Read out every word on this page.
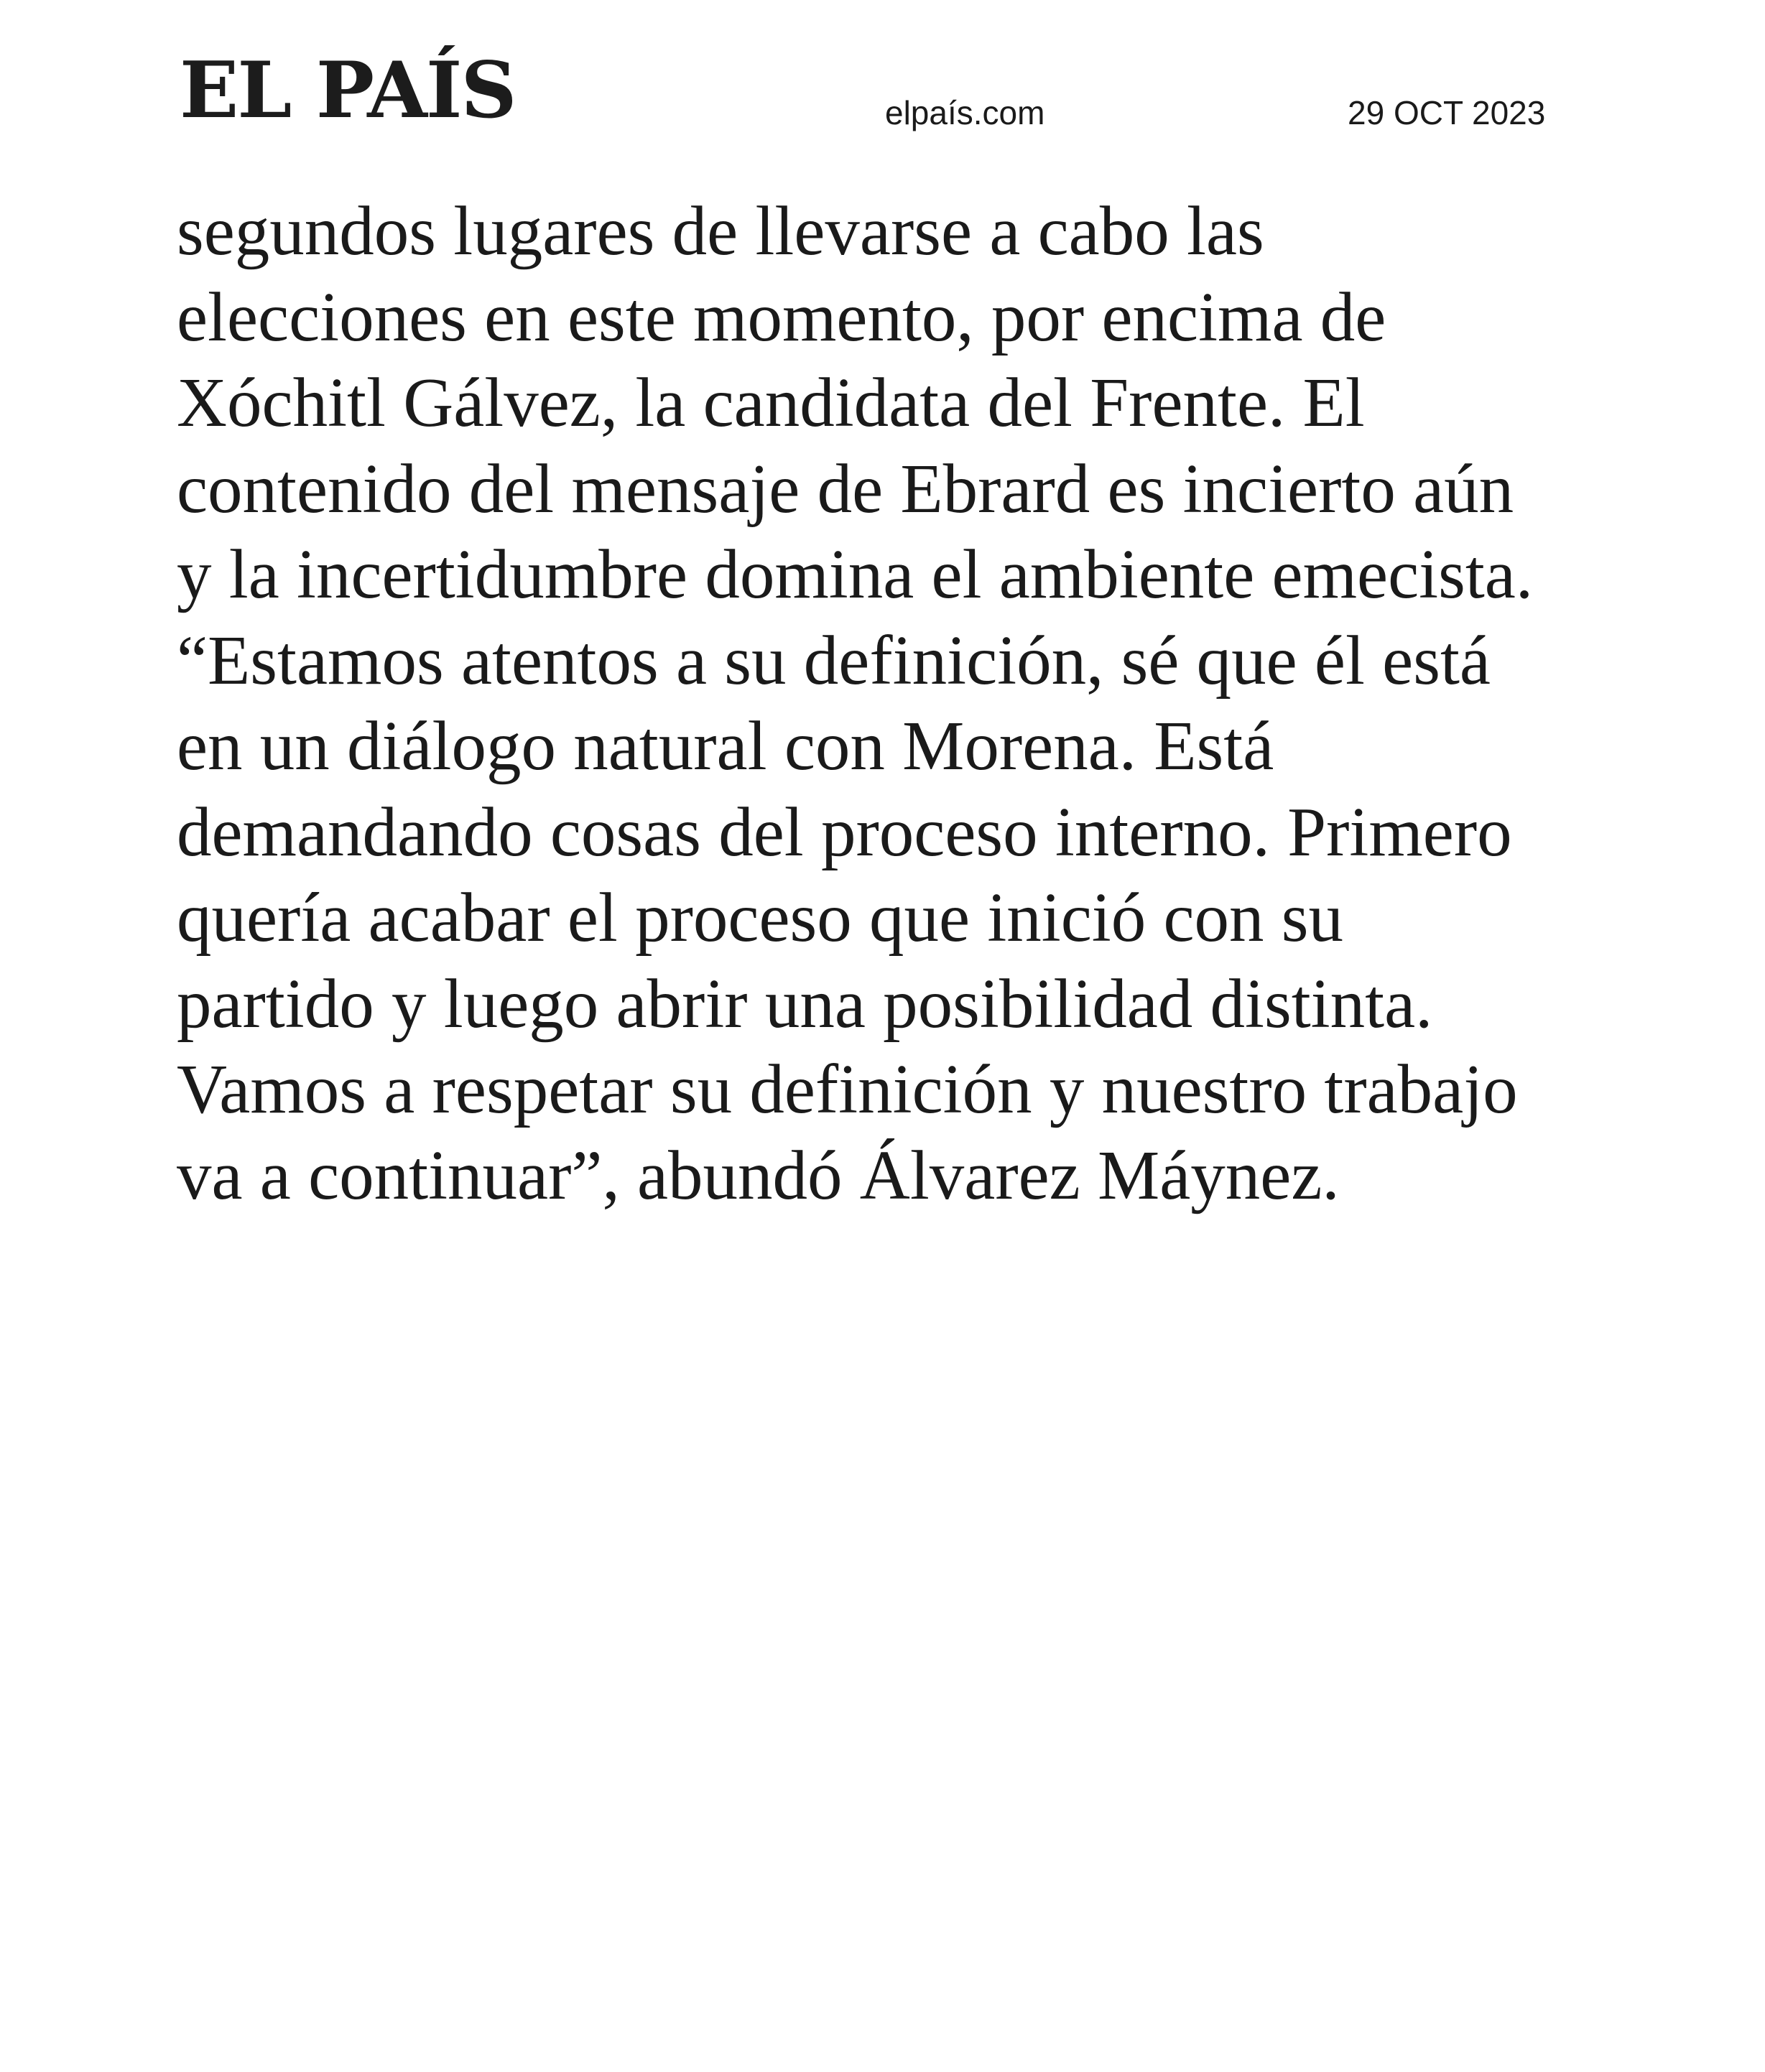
EL PAÍS	elpaís.com	29 OCT 2023

segundos lugares de llevarse a cabo las
elecciones en este momento, por encima de
Xóchitl Gálvez, la candidata del Frente. El
contenido del mensaje de Ebrard es incierto aún
y la incertidumbre domina el ambiente emecista.
“Estamos atentos a su definición, sé que él está
en un diálogo natural con Morena. Está
demandando cosas del proceso interno. Primero
quería acabar el proceso que inició con su
partido y luego abrir una posibilidad distinta.
Vamos a respetar su definición y nuestro trabajo
va a continuar”, abundó Álvarez Máynez.
